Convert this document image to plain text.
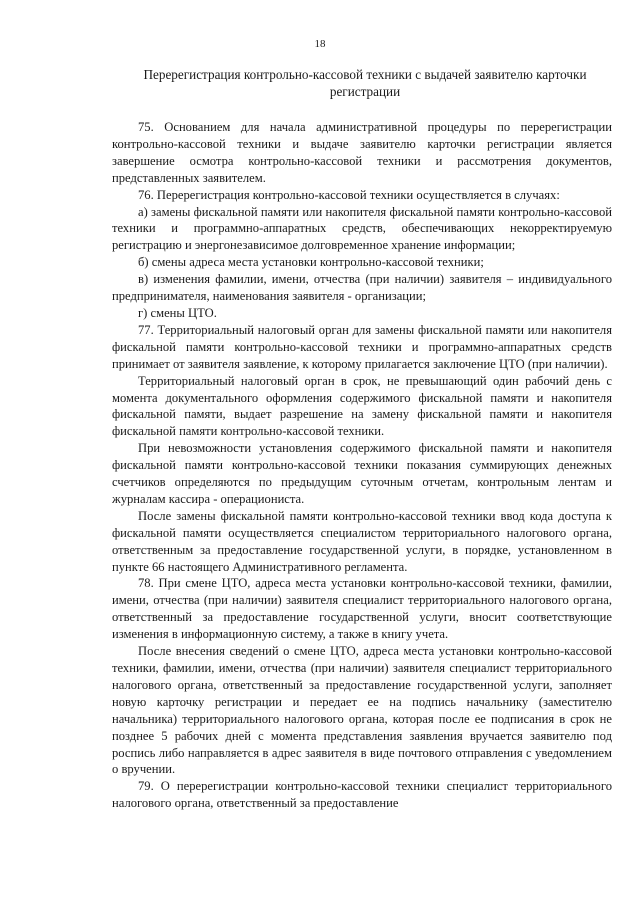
18
Перерегистрация контрольно-кассовой техники с выдачей заявителю карточки регистрации

75. Основанием для начала административной процедуры по перерегистрации контрольно-кассовой техники и выдаче заявителю карточки регистрации является завершение осмотра контрольно-кассовой техники и рассмотрения документов, представленных заявителем.

76. Перерегистрация контрольно-кассовой техники осуществляется в случаях:

а) замены фискальной памяти или накопителя фискальной памяти контрольно-кассовой техники и программно-аппаратных средств, обеспечивающих некорректируемую регистрацию и энергонезависимое долговременное хранение информации;

б) смены адреса места установки контрольно-кассовой техники;

в) изменения фамилии, имени, отчества (при наличии) заявителя – индивидуального предпринимателя, наименования заявителя - организации;

г) смены ЦТО.

77. Территориальный налоговый орган для замены фискальной памяти или накопителя фискальной памяти контрольно-кассовой техники и программно-аппаратных средств принимает от заявителя заявление, к которому прилагается заключение ЦТО (при наличии).

Территориальный налоговый орган в срок, не превышающий один рабочий день с момента документального оформления содержимого фискальной памяти и накопителя фискальной памяти, выдает разрешение на замену фискальной памяти и накопителя фискальной памяти контрольно-кассовой техники.

При невозможности установления содержимого фискальной памяти и накопителя фискальной памяти контрольно-кассовой техники показания суммирующих денежных счетчиков определяются по предыдущим суточным отчетам, контрольным лентам и журналам кассира - операциониста.

После замены фискальной памяти контрольно-кассовой техники ввод кода доступа к фискальной памяти осуществляется специалистом территориального налогового органа, ответственным за предоставление государственной услуги, в порядке, установленном в пункте 66 настоящего Административного регламента.

78. При смене ЦТО, адреса места установки контрольно-кассовой техники, фамилии, имени, отчества (при наличии) заявителя специалист территориального налогового органа, ответственный за предоставление государственной услуги, вносит соответствующие изменения в информационную систему, а также в книгу учета.

После внесения сведений о смене ЦТО, адреса места установки контрольно-кассовой техники, фамилии, имени, отчества (при наличии) заявителя специалист территориального налогового органа, ответственный за предоставление государственной услуги, заполняет новую карточку регистрации и передает ее на подпись начальнику (заместителю начальника) территориального налогового органа, которая после ее подписания в срок не позднее 5 рабочих дней с момента представления заявления вручается заявителю под роспись либо направляется в адрес заявителя в виде почтового отправления с уведомлением о вручении.

79. О перерегистрации контрольно-кассовой техники специалист территориального налогового органа, ответственный за предоставление
